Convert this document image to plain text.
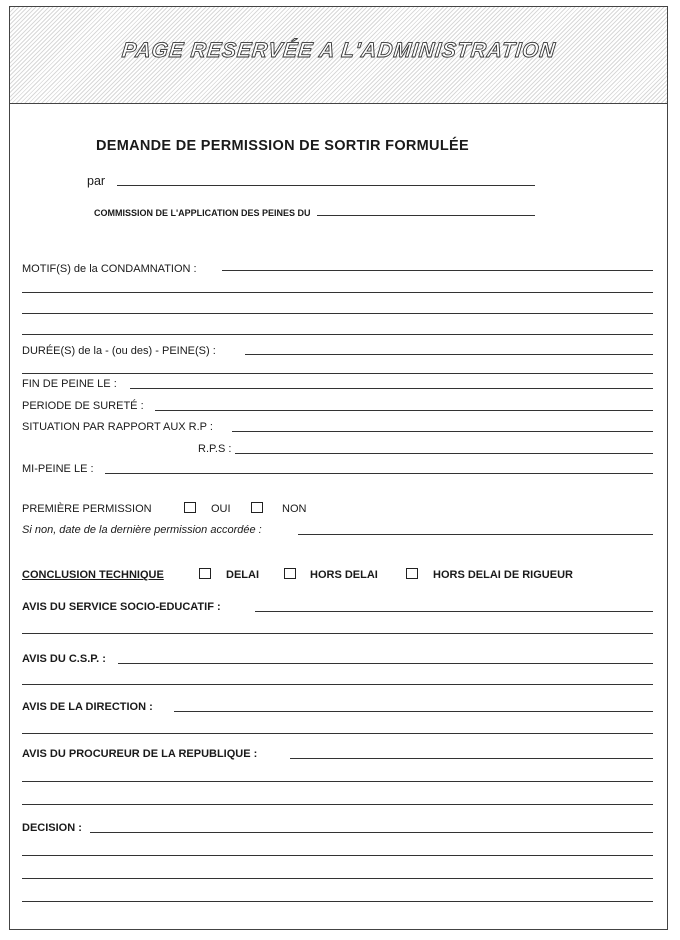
PAGE RESERVÉE A L'ADMINISTRATION
DEMANDE DE PERMISSION DE SORTIR FORMULÉE
par
COMMISSION DE L'APPLICATION DES PEINES DU
MOTIF(S) de la CONDAMNATION :
DURÉE(S) de la - (ou des) - PEINE(S) :
FIN DE PEINE LE :
PERIODE DE SURETÉ :
SITUATION PAR RAPPORT AUX R.P :
R.P.S :
MI-PEINE LE :
PREMIÈRE PERMISSION	OUI	NON
Si non, date de la dernière permission accordée :
CONCLUSION TECHNIQUE	DELAI	HORS DELAI	HORS DELAI DE RIGUEUR
AVIS DU SERVICE SOCIO-EDUCATIF :
AVIS DU C.S.P. :
AVIS DE LA DIRECTION :
AVIS DU PROCUREUR DE LA REPUBLIQUE :
DECISION :
